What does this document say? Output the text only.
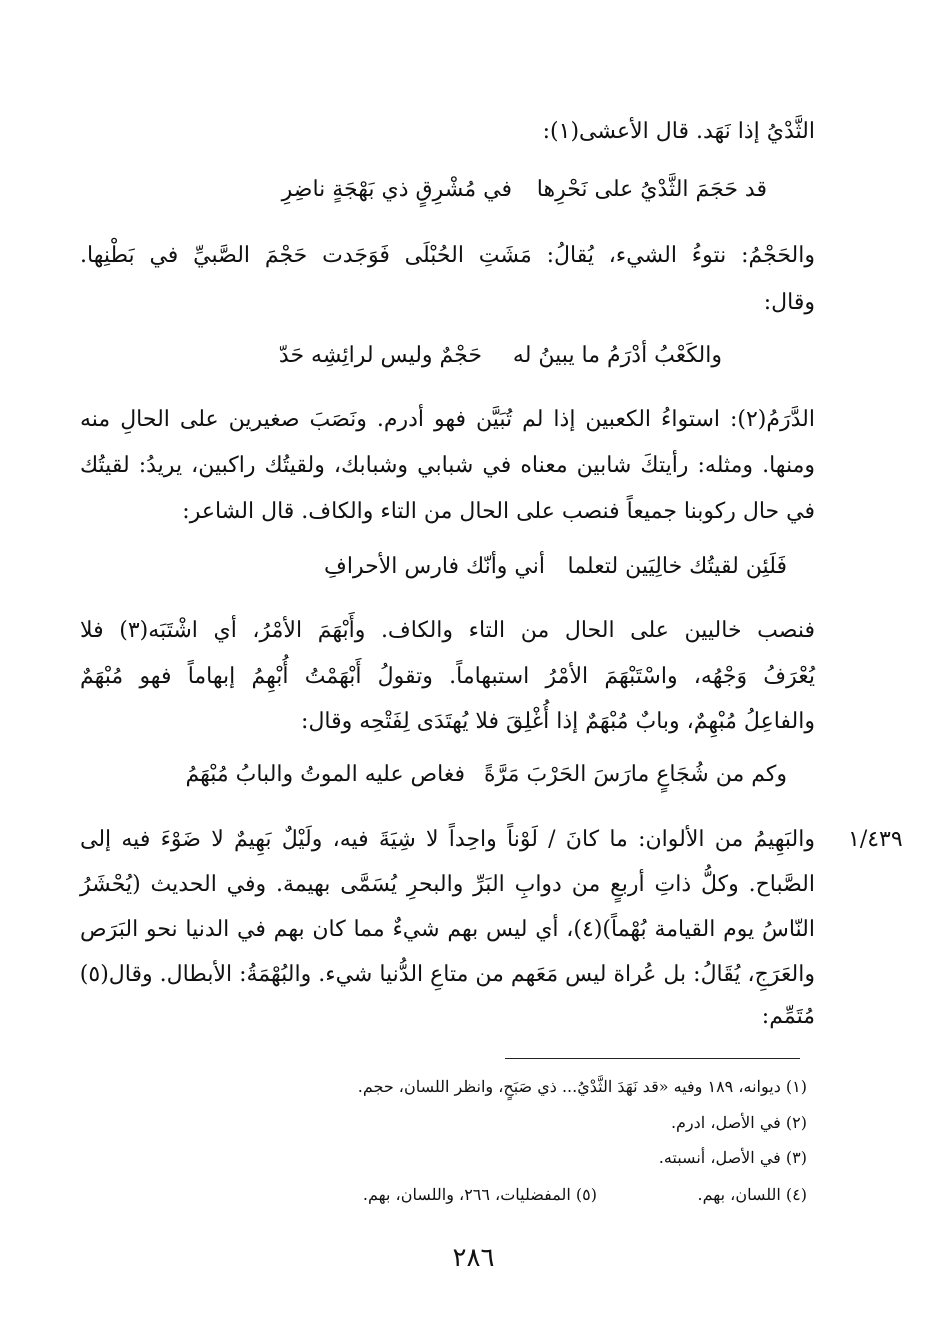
الثَّدْيُ إذا نَهَد. قال الأعشى(١):
قد حَجَمَ الثَّدْيُ على نَحْرِها
في مُشْرِقٍ ذي بَهْجَةٍ ناضِرِ
والحَجْمُ: نتوءُ الشيء، يُقالُ: مَشَتِ الحُبْلَى فَوَجَدت حَجْمَ الصَّبيِّ في بَطْنِها.
وقال:
والكَعْبُ أدْرَمُ ما يبينُ له
حَجْمٌ وليس لرائِشِه حَدّ
الدَّرَمُ(٢): استواءُ الكعبين إذا لم تُبَيَّن فهو أدرم. ونَصَبَ صغيرين على الحالِ منه
ومنها. ومثله: رأيتكَ شابين معناه في شبابي وشبابك، ولقيتُك راكبين، يريدُ: لقيتُك
في حال ركوبنا جميعاً فنصب على الحال من التاء والكاف. قال الشاعر:
فَلَئِن لقيتُك خالِيَين لتعلما
أني وأنّك فارس الأحرافِ
فنصب خاليين على الحال من التاء والكاف. وأَبْهَمَ الأمْرُ، أي اشْتَبَه(٣) فلا
يُعْرَفُ وَجْهُه، واسْتَبْهَمَ الأمْرُ استبهاماً. وتقولُ أَبْهَمْتُ أُبْهِمُ إبهاماً فهو مُبْهَمٌ
والفاعِلُ مُبْهِمٌ، وبابٌ مُبْهَمٌ إذا أُغْلِقَ فلا يُهتَدَى لِفَتْحِه وقال:
وكم من شُجَاعٍ مارَسَ الحَرْبَ مَرَّةً
فغاص عليه الموتُ والبابُ مُبْهَمُ
١/٤٣٩
والبَهِيمُ من الألوان: ما كانَ / لَوْناً واحِداً لا شِيَةَ فيه، ولَيْلٌ بَهِيمٌ لا ضَوْءَ فيه إلى
الصَّباح. وكلُّ ذاتِ أربعٍ من دوابِ البَرِّ والبحرِ يُسَمَّى بهيمة. وفي الحديث (يُحْشَرُ
النّاسُ يوم القيامة بُهْماً)(٤)، أي ليس بهم شيءٌ مما كان بهم في الدنيا نحو البَرَص
والعَرَجِ، يُقَالُ: بل عُراة ليس مَعَهم من متاعِ الدُّنيا شيء. والبُهْمَةُ: الأبطال. وقال(٥)
مُتَمِّم:
(١) ديوانه، ١٨٩ وفيه «قد نَهَدَ الثَّدْيُ... ذي صَبَحٍ، وانظر اللسان، حجم.
(٢) في الأصل، ادرم.
(٣) في الأصل، أنسبته.
(٤) اللسان، بهم.
(٥) المفضليات، ٢٦٦، واللسان، بهم.
٢٨٦
